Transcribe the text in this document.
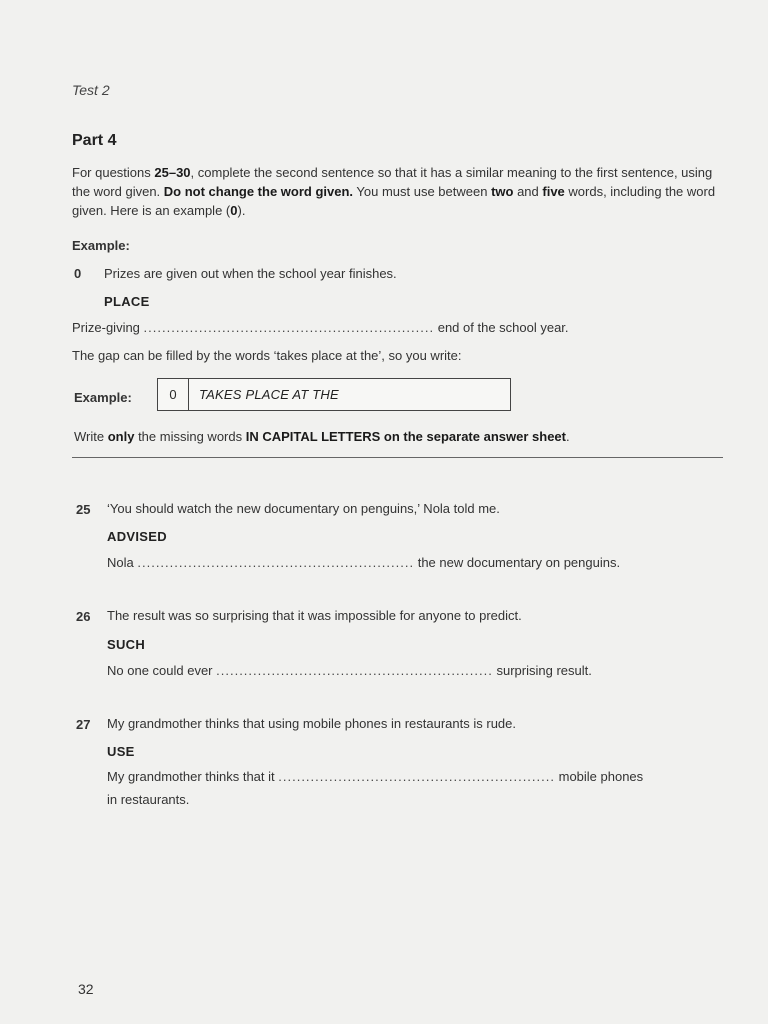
Test 2
Part 4
For questions 25–30, complete the second sentence so that it has a similar meaning to the first sentence, using the word given. Do not change the word given. You must use between two and five words, including the word given. Here is an example (0).
Example:
0 Prizes are given out when the school year finishes.
PLACE
Prize-giving ............................................................... end of the school year.
The gap can be filled by the words ‘takes place at the’, so you write:
Example:	0	TAKES PLACE AT THE
Write only the missing words IN CAPITAL LETTERS on the separate answer sheet.
25 ‘You should watch the new documentary on penguins,’ Nola told me.
ADVISED
Nola ............................................................ the new documentary on penguins.
26 The result was so surprising that it was impossible for anyone to predict.
SUCH
No one could ever ............................................................ surprising result.
27 My grandmother thinks that using mobile phones in restaurants is rude.
USE
My grandmother thinks that it ............................................................ mobile phones
in restaurants.
32
